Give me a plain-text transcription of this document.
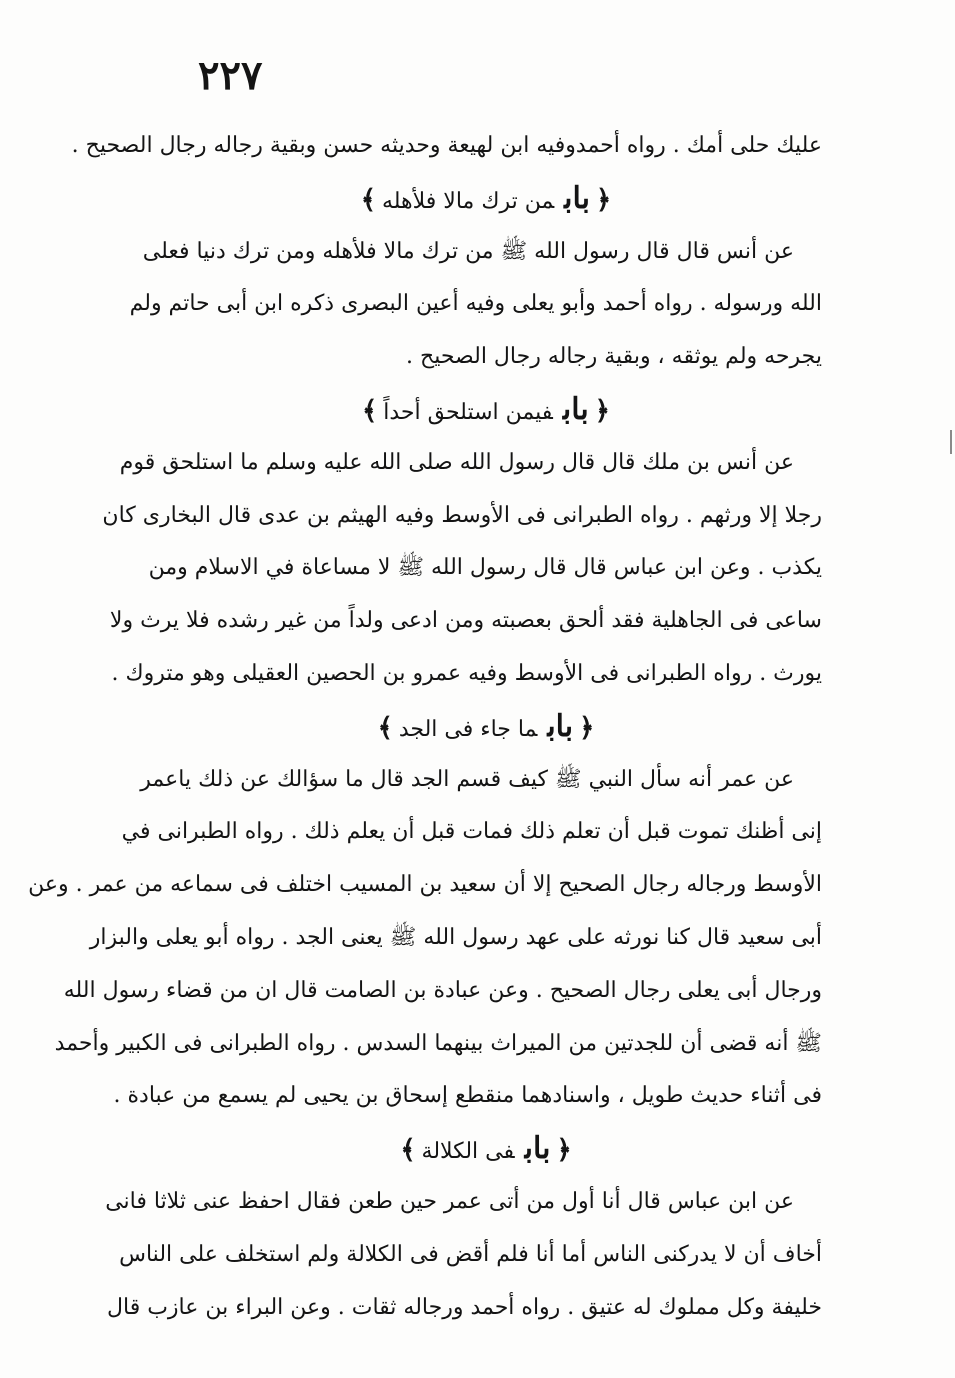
٢٢٧
عليك حلى أمك . رواه أحمدوفيه ابن لهيعة وحديثه حسن وبقية رجاله رجال الصحيح .
﴿بابمن ترك مالا فلأهله﴾
عن أنس قال قال رسول الله ﷺ من ترك مالا فلأهله ومن ترك دنيا فعلى
الله ورسوله . رواه أحمد وأبو يعلى وفيه أعين البصرى ذكره ابن أبى حاتم ولم
يجرحه ولم يوثقه ، وبقية رجاله رجال الصحيح .
﴿بابفيمن استلحق أحداً﴾
عن أنس بن ملك قال قال رسول الله صلى الله عليه وسلم ما استلحق قوم
رجلا إلا ورثهم . رواه الطبرانى فى الأوسط وفيه الهيثم بن عدى قال البخارى كان
يكذب . وعن ابن عباس قال قال رسول الله ﷺ لا مساعاة في الاسلام ومن
ساعى فى الجاهلية فقد ألحق بعصبته ومن ادعى ولداً من غير رشده فلا يرث ولا
يورث . رواه الطبرانى فى الأوسط وفيه عمرو بن الحصين العقيلى وهو متروك .
﴿بابما جاء فى الجد﴾
عن عمر أنه سأل النبي ﷺ كيف قسم الجد قال ما سؤالك عن ذلك ياعمر
إنى أظنك تموت قبل أن تعلم ذلك فمات قبل أن يعلم ذلك . رواه الطبرانى في
الأوسط ورجاله رجال الصحيح إلا أن سعيد بن المسيب اختلف فى سماعه من عمر . وعن
أبى سعيد قال كنا نورثه على عهد رسول الله ﷺ يعنى الجد . رواه أبو يعلى والبزار
ورجال أبى يعلى رجال الصحيح . وعن عبادة بن الصامت قال ان من قضاء رسول الله
ﷺ أنه قضى أن للجدتين من الميراث بينهما السدس . رواه الطبرانى فى الكبير وأحمد
فى أثناء حديث طويل ، واسنادهما منقطع إسحاق بن يحيى لم يسمع من عبادة .
﴿بابفى الكلالة﴾
عن ابن عباس قال أنا أول من أتى عمر حين طعن فقال احفظ عنى ثلاثا فانى
أخاف أن لا يدركنى الناس أما أنا فلم أقض فى الكلالة ولم استخلف على الناس
خليفة وكل مملوك له عتيق . رواه أحمد ورجاله ثقات . وعن البراء بن عازب قال
